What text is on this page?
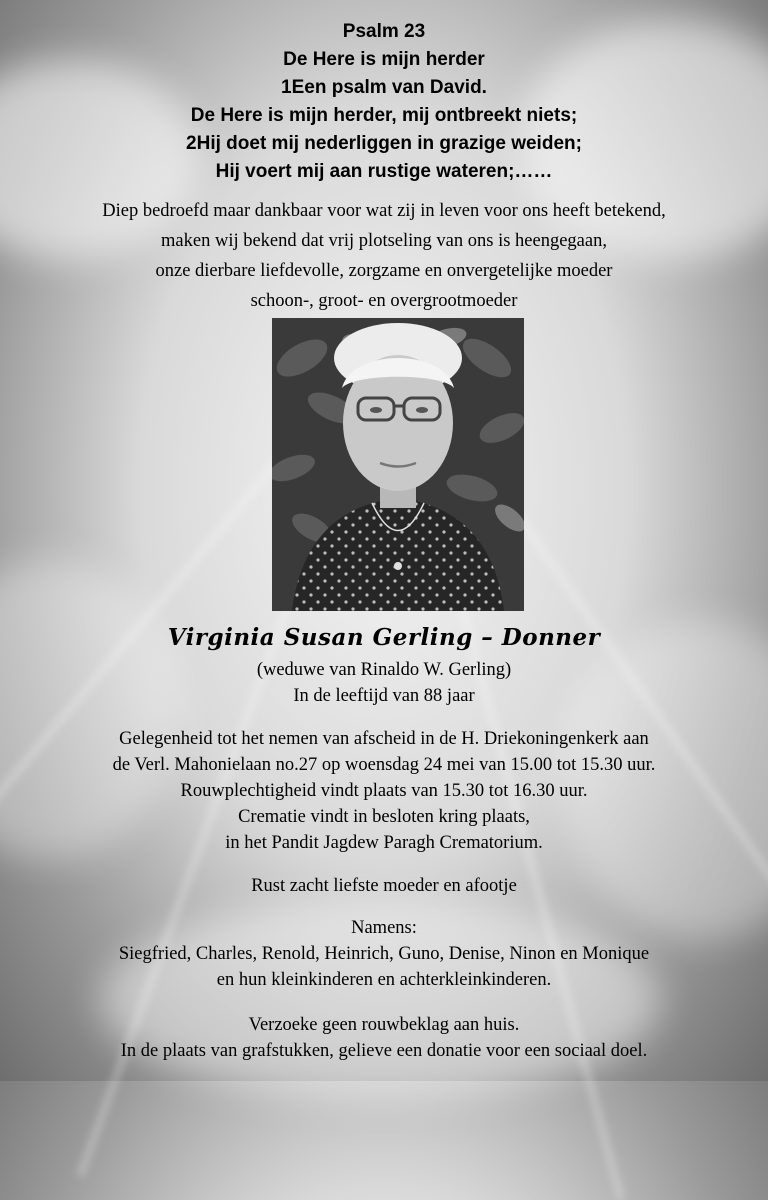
Psalm 23
De Here is mijn herder
1Een psalm van David.
De Here is mijn herder, mij ontbreekt niets;
2Hij doet mij nederliggen in grazige weiden;
Hij voert mij aan rustige wateren;……
Diep bedroefd maar dankbaar voor wat zij in leven voor ons heeft betekend,
maken wij bekend dat vrij plotseling van ons is heengegaan,
onze dierbare liefdevolle, zorgzame en onvergetelijke moeder
schoon-, groot- en overgrootmoeder
Virginia Susan Gerling – Donner
(weduwe van Rinaldo W. Gerling)
In de leeftijd van 88 jaar
Gelegenheid tot het nemen van afscheid in de H. Driekoningenkerk aan
de Verl. Mahonielaan no.27 op woensdag 24 mei van 15.00 tot 15.30 uur.
Rouwplechtigheid vindt plaats van 15.30 tot 16.30 uur.
Crematie vindt in besloten kring plaats,
in het Pandit Jagdew Paragh Crematorium.
Rust zacht liefste moeder en afootje
Namens:
Siegfried, Charles, Renold, Heinrich, Guno, Denise, Ninon en Monique
en hun kleinkinderen en achterkleinkinderen.
Verzoeke geen rouwbeklag aan huis.
In de plaats van grafstukken, gelieve een donatie voor een sociaal doel.
